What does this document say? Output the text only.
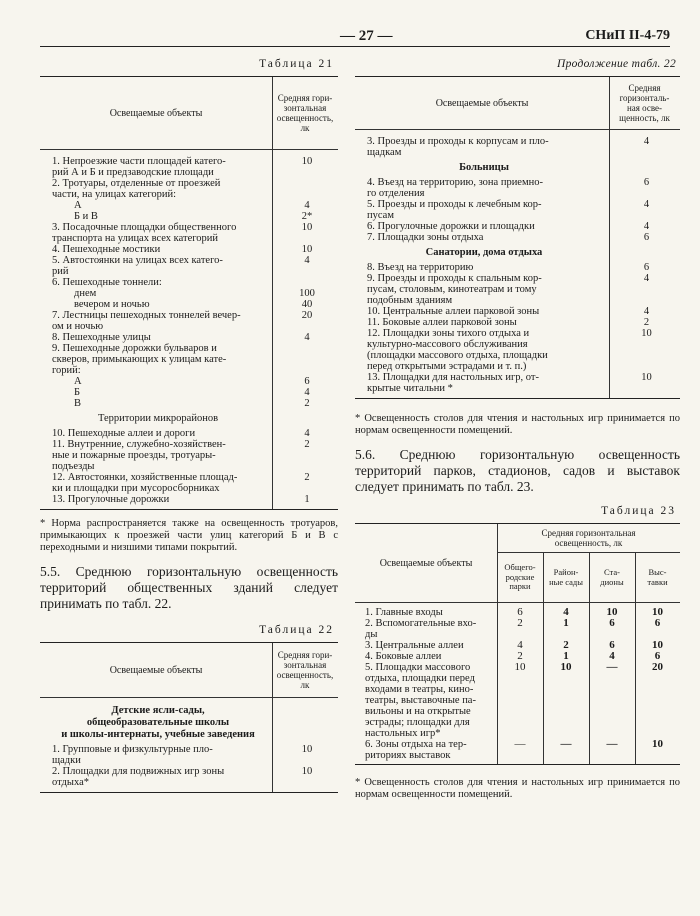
— 27 —	СНиП II-4-79
Таблица 21
Освещаемые объекты
Средняя гори-
зонтальная
освещенность, лк
1. Непроезжие части площадей катего-
рий А и Б и предзаводские площади
10
2. Тротуары, отделенные от проезжей
части, на улицах категорий:
А	4
Б и В	2*
3. Посадочные площадки общественного
транспорта на улицах всех категорий
10
4. Пешеходные мостики	10
5. Автостоянки на улицах всех катего-
рий
4
6. Пешеходные тоннели:
днем	100
вечером и ночью	40
7. Лестницы пешеходных тоннелей вечер-
ом и ночью
20
8. Пешеходные улицы	4
9. Пешеходные дорожки бульваров и
скверов, примыкающих к улицам кате-
горий:
А	6
Б	4
В	2
Территории микрорайонов
10. Пешеходные аллеи и дороги	4
11. Внутренние, служебно-хозяйствен-
ные и пожарные проезды, тротуары-
подъезды
2
12. Автостоянки, хозяйственные площад-
ки и площадки при мусоросборниках
2
13. Прогулочные дорожки	1
* Норма распространяется также на освещенность тротуаров, примыкающих к проезжей части улиц категорий Б и В с переходными и низшими типами покрытий.
5.5. Среднюю горизонтальную освещенность территорий общественных зданий следует принимать по табл. 22.
Таблица 22
Освещаемые объекты
Средняя гори-
зонтальная
освещенность,
лк
Детские ясли-сады,
общеобразовательные школы
и школы-интернаты, учебные заведения
1. Групповые и физкультурные пло-
щадки
10
2. Площадки для подвижных игр зоны
отдыха*
10
Продолжение табл. 22
Освещаемые объекты
Средняя
горизонталь-
ная осве-
щенность, лк
3. Проезды и проходы к корпусам и пло-
щадкам
4
Больницы
4. Въезд на территорию, зона приемно-
го отделения
6
5. Проезды и проходы к лечебным кор-
пусам
4
6. Прогулочные дорожки и площадки	4
7. Площадки зоны отдыха	6
Санатории, дома отдыха
8. Въезд на территорию	6
9. Проезды и проходы к спальным кор-
пусам, столовым, кинотеатрам и тому
подобным зданиям
4
10. Центральные аллеи парковой зоны	4
11. Боковые аллеи парковой зоны	2
12. Площадки зоны тихого отдыха и
культурно-массового обслуживания
(площадки массового отдыха, площадки
перед открытыми эстрадами и т. п.)
10
13. Площадки для настольных игр, от-
крытые читальни *
10
* Освещенность столов для чтения и настольных игр принимается по нормам освещенности помещений.
5.6. Среднюю горизонтальную освещенность территорий парков, стадионов, садов и выставок следует принимать по табл. 23.
Таблица 23
Освещаемые объекты
Средняя горизонтальная
освещенность, лк
Общего-
родские
парки
Район-
ные сады
Ста-
дионы
Выс-
тавки
1. Главные входы	6	4	10	10
2. Вспомогательные вхо-
ды
2	1	6	6
3. Центральные аллеи	4	2	6	10
4. Боковые аллеи	2	1	4	6
5. Площадки массового
отдыха, площадки перед
входами в театры, кино-
театры, выставочные па-
вильоны и на открытые
эстрады; площадки для
настольных игр*
10	10	—	20
6. Зоны отдыха на тер-
риториях выставок
—	—	—	10
* Освещенность столов для чтения и настольных игр принимается по нормам освещенности помещений.
